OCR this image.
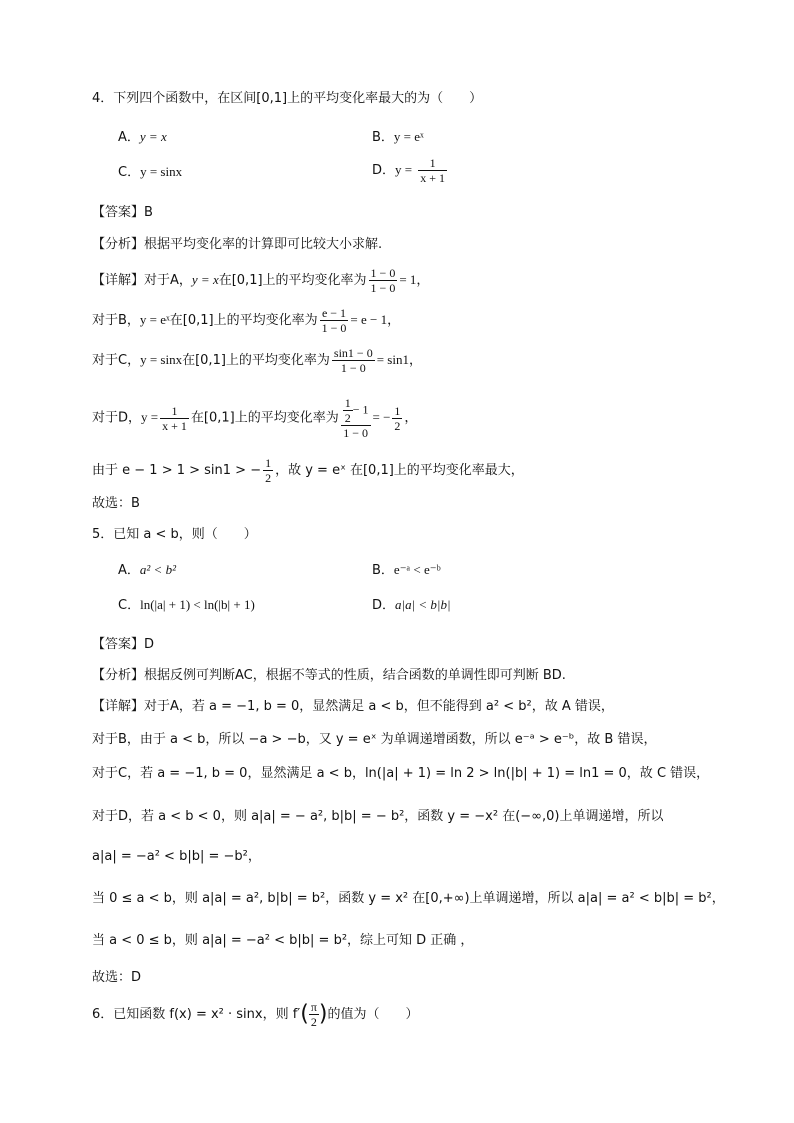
4．下列四个函数中，在区间[0,1]上的平均变化率最大的为（　　）
A．y = x	B．y = eˣ
C．y = sinx	D．$y = \frac{1}{x + 1}$
【答案】B
【分析】根据平均变化率的计算即可比较大小求解.
【详解】对于A，y = x在[0,1]上的平均变化率为 $\frac{1 - 0}{1 - 0} = 1$，
对于B，y = eˣ在[0,1]上的平均变化率为 $\frac{e - 1}{1 - 0} = e - 1$，
对于C，y = sinx在[0,1]上的平均变化率为 $\frac{\sin 1 - 0}{1 - 0} = \sin 1$，
对于D，$y = \frac{1}{x + 1}$ 在[0,1]上的平均变化率为 $\frac{\frac{1}{2} - 1}{1 - 0}$ = − $\frac{1}{2}$ ，
由于 e − 1 > 1 > sin1 > − $\frac{1}{2}$ ，故 y = eˣ 在[0,1]上的平均变化率最大，
故选：B
5．已知 a < b，则（　　）
A．a² < b²	B．e⁻ᵃ < e⁻ᵇ
C．ln(|a| + 1) < ln(|b| + 1)	D．a|a| < b|b|
【答案】D
【分析】根据反例可判断AC，根据不等式的性质，结合函数的单调性即可判断 BD.
【详解】对于A，若 a = −1, b = 0，显然满足 a < b，但不能得到 a² < b²，故 A 错误，
对于B，由于 a < b，所以 −a > −b，又 y = eˣ 为单调递增函数，所以 e⁻ᵃ > e⁻ᵇ，故 B 错误，
对于C，若 a = −1, b = 0，显然满足 a < b，ln(|a| + 1) = ln 2 > ln(|b| + 1) = ln1 = 0，故 C 错误，
对于D，若 a < b < 0，则 a|a| = − a², b|b| = − b²，函数 y = −x² 在(−∞,0)上单调递增，所以
a|a| = −a² < b|b| = −b²，
当 0 ≤ a < b，则 a|a| = a², b|b| = b²，函数 y = x² 在[0,+∞)上单调递增，所以 a|a| = a² < b|b| = b²，
当 a < 0 ≤ b，则 a|a| = −a² < b|b| = b²，综上可知 D 正确 ，
故选：D
6．已知函数 f(x) = x² · sinx，则 $f'( \frac{\pi}{2}$ )的值为（　　）
